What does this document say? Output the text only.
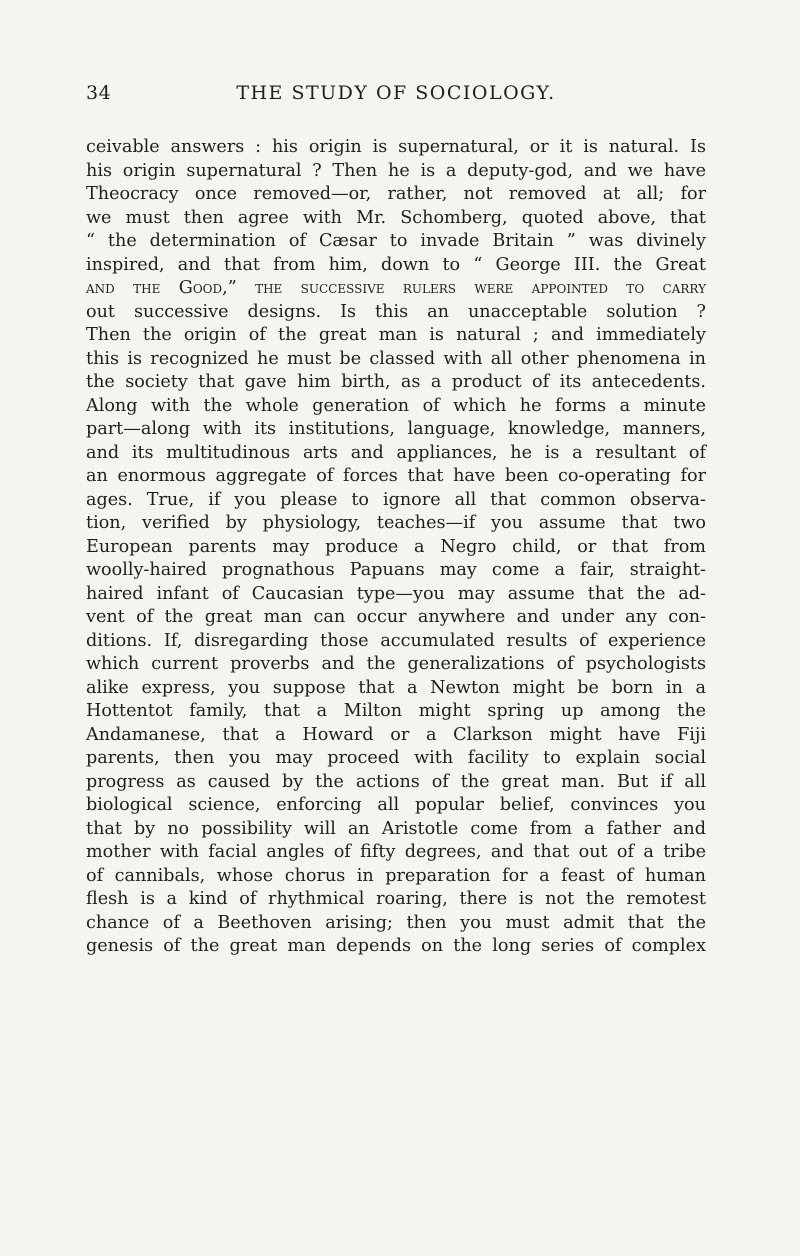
34	THE STUDY OF SOCIOLOGY.
ceivable answers : his origin is supernatural, or it is natural. Is
his origin supernatural ? Then he is a deputy-god, and we have
Theocracy once removed—or, rather, not removed at all; for
we must then agree with Mr. Schomberg, quoted above, that
“ the determination of Cæsar to invade Britain ” was divinely
inspired, and that from him, down to “ George III. the Great
and the Good,” the successive rulers were appointed to carry
out successive designs. Is this an unacceptable solution ?
Then the origin of the great man is natural ; and immediately
this is recognized he must be classed with all other phenomena in
the society that gave him birth, as a product of its antecedents.
Along with the whole generation of which he forms a minute
part—along with its institutions, language, knowledge, manners,
and its multitudinous arts and appliances, he is a resultant of
an enormous aggregate of forces that have been co-operating for
ages. True, if you please to ignore all that common observa-
tion, verified by physiology, teaches—if you assume that two
European parents may produce a Negro child, or that from
woolly-haired prognathous Papuans may come a fair, straight-
haired infant of Caucasian type—you may assume that the ad-
vent of the great man can occur anywhere and under any con-
ditions. If, disregarding those accumulated results of experience
which current proverbs and the generalizations of psychologists
alike express, you suppose that a Newton might be born in a
Hottentot family, that a Milton might spring up among the
Andamanese, that a Howard or a Clarkson might have Fiji
parents, then you may proceed with facility to explain social
progress as caused by the actions of the great man. But if all
biological science, enforcing all popular belief, convinces you
that by no possibility will an Aristotle come from a father and
mother with facial angles of fifty degrees, and that out of a tribe
of cannibals, whose chorus in preparation for a feast of human
flesh is a kind of rhythmical roaring, there is not the remotest
chance of a Beethoven arising; then you must admit that the
genesis of the great man depends on the long series of complex
